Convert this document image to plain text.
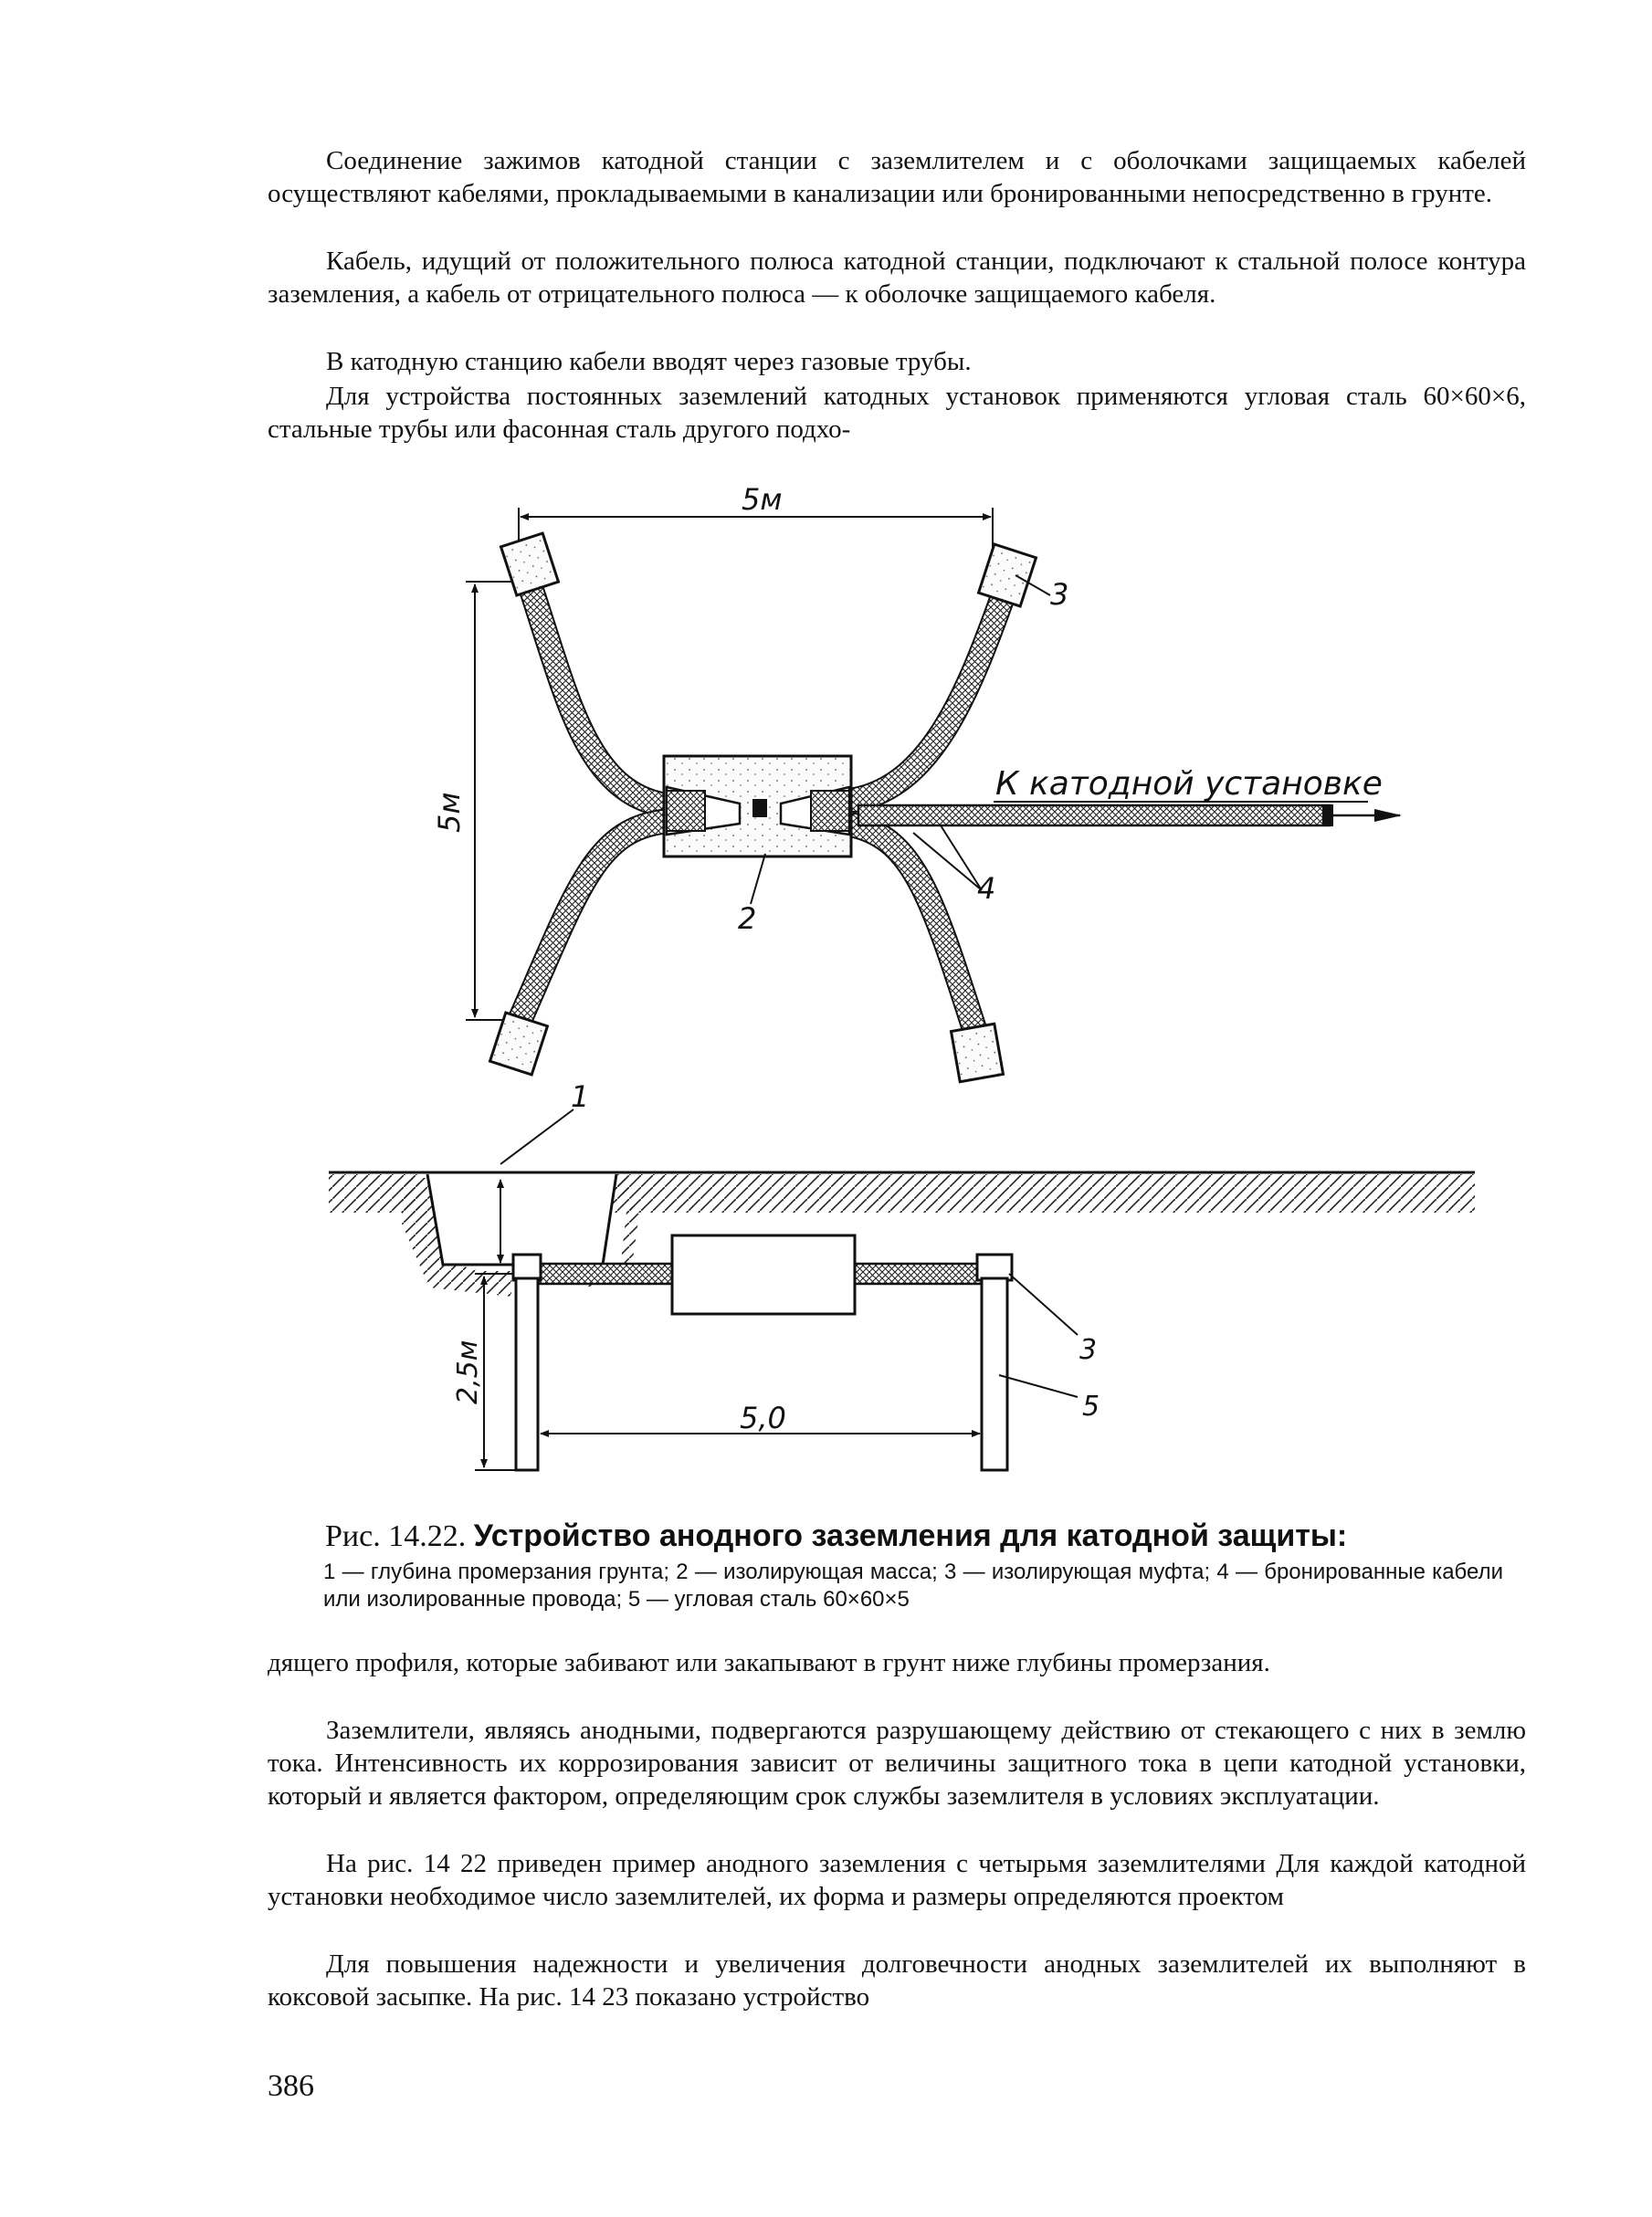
Соединение зажимов катодной станции с заземлителем и с оболочками защищаемых кабелей осуществляют кабелями, прокладываемыми в канализации или бронированными непосредственно в грунте.

Кабель, идущий от положительного полюса катодной станции, подключают к стальной полосе контура заземления, а кабель от отрицательного полюса — к оболочке защищаемого кабеля.

В катодную станцию кабели вводят через газовые трубы.

Для устройства постоянных заземлений катодных установок применяются угловая сталь 60×60×6, стальные трубы или фасонная сталь другого подхо-

5м
5м
К катодной установке
3
2
4
1
2,5м
5,0
3
5

Рис. 14.22. Устройство анодного заземления для катодной защиты:

1 — глубина промерзания грунта; 2 — изолирующая масса; 3 — изолирующая муфта; 4 — бронированные кабели или изолированные провода; 5 — угловая сталь 60×60×5

дящего профиля, которые забивают или закапывают в грунт ниже глубины промерзания.

Заземлители, являясь анодными, подвергаются разрушающему действию от стекающего с них в землю тока. Интенсивность их коррозирования зависит от величины защитного тока в цепи катодной установки, который и является фактором, определяющим срок службы заземлителя в условиях эксплуатации.

На рис. 14 22 приведен пример анодного заземления с четырьмя заземлителями Для каждой катодной установки необходимое число заземлителей, их форма и размеры определяются проектом

Для повышения надежности и увеличения долговечности анодных заземлителей их выполняют в коксовой засыпке. На рис. 14 23 показано устройство

386
